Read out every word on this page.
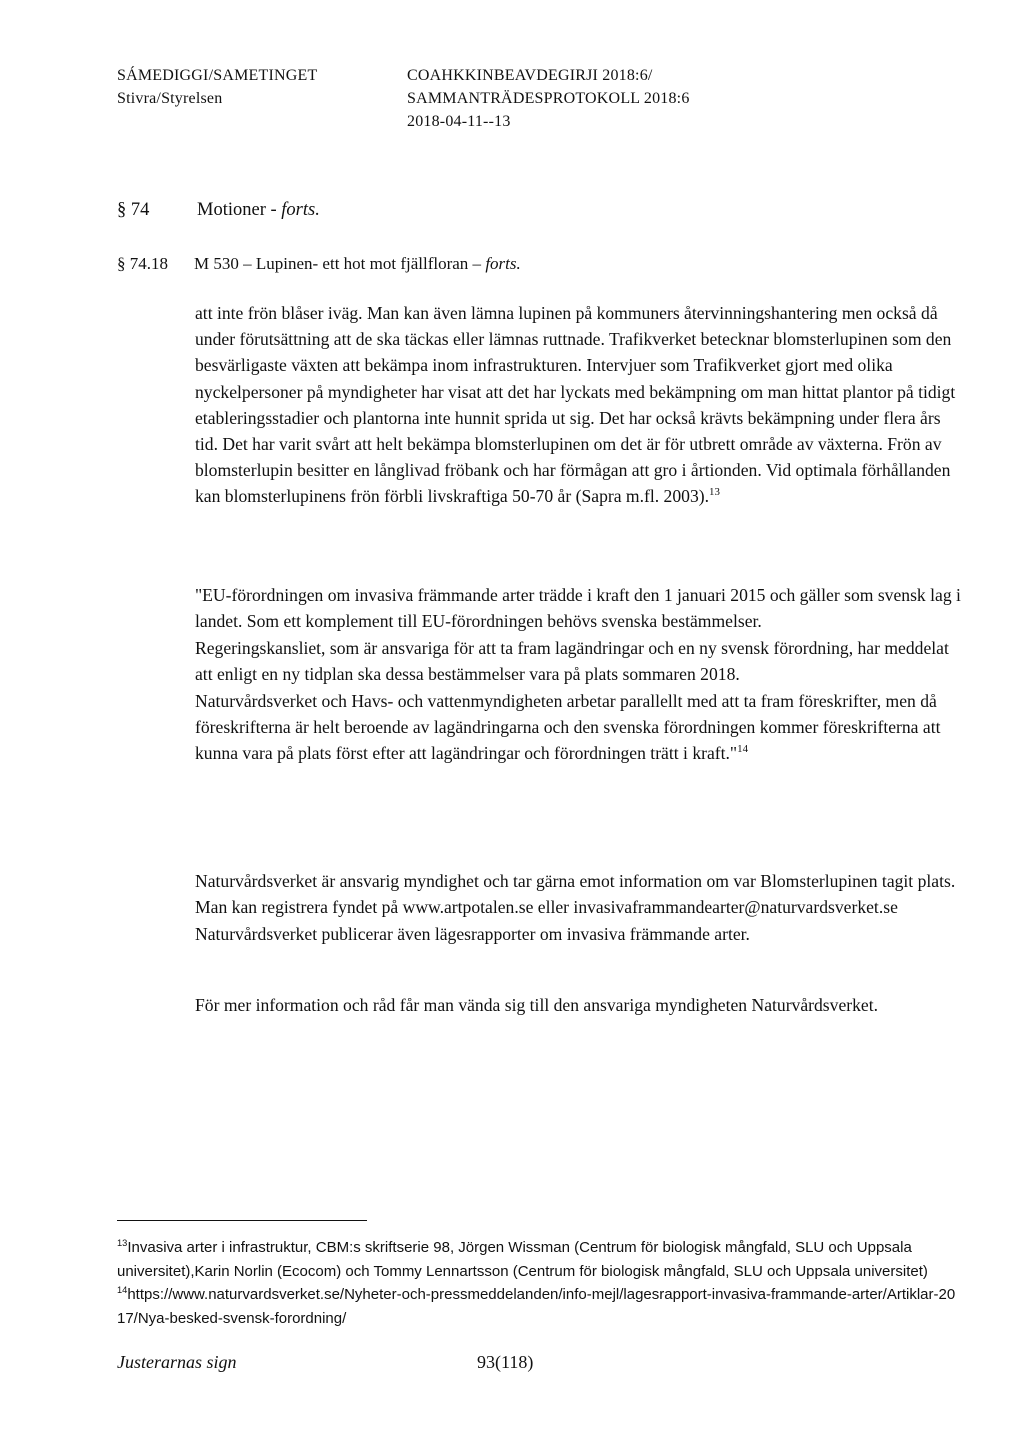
SÁMEDIGGI/SAMETINGET
Stivra/Styrelsen
COAHKKINBEAVDEGIRJI 2018:6/
SAMMANTRÄDESPROTOKOLL 2018:6
2018-04-11--13
§ 74	Motioner - forts.
§ 74.18 M 530 – Lupinen- ett hot mot fjällfloran – forts.

att inte frön blåser iväg. Man kan även lämna lupinen på kommuners återvinningshantering men också då under förutsättning att de ska täckas eller lämnas ruttnade. Trafikverket betecknar blomsterlupinen som den besvärligaste växten att bekämpa inom infrastrukturen. Intervjuer som Trafikverket gjort med olika nyckelpersoner på myndigheter har visat att det har lyckats med bekämpning om man hittat plantor på tidigt etableringsstadier och plantorna inte hunnit sprida ut sig. Det har också krävts bekämpning under flera års tid. Det har varit svårt att helt bekämpa blomsterlupinen om det är för utbrett område av växterna. Frön av blomsterlupin besitter en långlivad fröbank och har förmågan att gro i årtionden. Vid optimala förhållanden kan blomsterlupinens frön förbli livskraftiga 50-70 år (Sapra m.fl. 2003).$^{13}$

"EU-förordningen om invasiva främmande arter trädde i kraft den 1 januari 2015 och gäller som svensk lag i landet. Som ett komplement till EU-förordningen behövs svenska bestämmelser.

Regeringskansliet, som är ansvariga för att ta fram lagändringar och en ny svensk förordning, har meddelat att enligt en ny tidplan ska dessa bestämmelser vara på plats sommaren 2018.

Naturvårdsverket och Havs- och vattenmyndigheten arbetar parallellt med att ta fram föreskrifter, men då föreskrifterna är helt beroende av lagändringarna och den svenska förordningen kommer föreskrifterna att kunna vara på plats först efter att lagändringar och förordningen trätt i kraft."$^{14}$

Naturvårdsverket är ansvarig myndighet och tar gärna emot information om var Blomsterlupinen tagit plats. Man kan registrera fyndet på www.artpotalen.se eller invasivaframmandearter@naturvardsverket.se Naturvårdsverket publicerar även lägesrapporter om invasiva främmande arter.

För mer information och råd får man vända sig till den ansvariga myndigheten Naturvårdsverket.

$^{13}$Invasiva arter i infrastruktur, CBM:s skriftserie 98, Jörgen Wissman (Centrum för biologisk mångfald, SLU och Uppsala universitet),Karin Norlin (Ecocom) och Tommy Lennartsson (Centrum för biologisk mångfald, SLU och Uppsala universitet)

$^{14}$https://www.naturvardsverket.se/Nyheter-och-pressmeddelanden/info-mejl/lagesrapport-invasiva-frammande-arter/Artiklar-2017/Nya-besked-svensk-forordning/

Justerarnas sign	93(118)
